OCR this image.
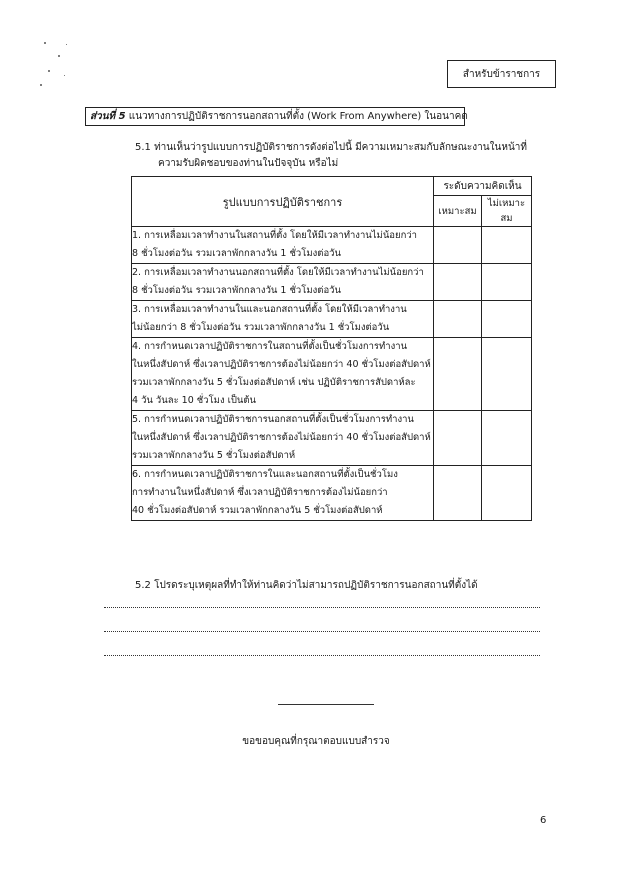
สำหรับข้าราชการ
ส่วนที่ 5 แนวทางการปฏิบัติราชการนอกสถานที่ตั้ง (Work From Anywhere) ในอนาคต
5.1 ท่านเห็นว่ารูปแบบการปฏิบัติราชการดังต่อไปนี้ มีความเหมาะสมกับลักษณะงานในหน้าที่
ความรับผิดชอบของท่านในปัจจุบัน หรือไม่
รูปแบบการปฏิบัติราชการ	ระดับความคิดเห็น	
	เหมาะสม	ไม่เหมาะสม

1. การเหลื่อมเวลาทำงานในสถานที่ตั้ง โดยให้มีเวลาทำงานไม่น้อยกว่า
8 ชั่วโมงต่อวัน รวมเวลาพักกลางวัน 1 ชั่วโมงต่อวัน		

2. การเหลื่อมเวลาทำงานนอกสถานที่ตั้ง โดยให้มีเวลาทำงานไม่น้อยกว่า
8 ชั่วโมงต่อวัน รวมเวลาพักกลางวัน 1 ชั่วโมงต่อวัน		

3. การเหลื่อมเวลาทำงานในและนอกสถานที่ตั้ง โดยให้มีเวลาทำงาน
ไม่น้อยกว่า 8 ชั่วโมงต่อวัน รวมเวลาพักกลางวัน 1 ชั่วโมงต่อวัน		

4. การกำหนดเวลาปฏิบัติราชการในสถานที่ตั้งเป็นชั่วโมงการทำงาน
ในหนึ่งสัปดาห์ ซึ่งเวลาปฏิบัติราชการต้องไม่น้อยกว่า 40 ชั่วโมงต่อสัปดาห์
รวมเวลาพักกลางวัน 5 ชั่วโมงต่อสัปดาห์ เช่น ปฏิบัติราชการสัปดาห์ละ
4 วัน วันละ 10 ชั่วโมง เป็นต้น		

5. การกำหนดเวลาปฏิบัติราชการนอกสถานที่ตั้งเป็นชั่วโมงการทำงาน
ในหนึ่งสัปดาห์ ซึ่งเวลาปฏิบัติราชการต้องไม่น้อยกว่า 40 ชั่วโมงต่อสัปดาห์
รวมเวลาพักกลางวัน 5 ชั่วโมงต่อสัปดาห์		

6. การกำหนดเวลาปฏิบัติราชการในและนอกสถานที่ตั้งเป็นชั่วโมง
การทำงานในหนึ่งสัปดาห์ ซึ่งเวลาปฏิบัติราชการต้องไม่น้อยกว่า
40 ชั่วโมงต่อสัปดาห์ รวมเวลาพักกลางวัน 5 ชั่วโมงต่อสัปดาห์		

5.2 โปรดระบุเหตุผลที่ทำให้ท่านคิดว่าไม่สามารถปฏิบัติราชการนอกสถานที่ตั้งได้
ขอขอบคุณที่กรุณาตอบแบบสำรวจ
6
